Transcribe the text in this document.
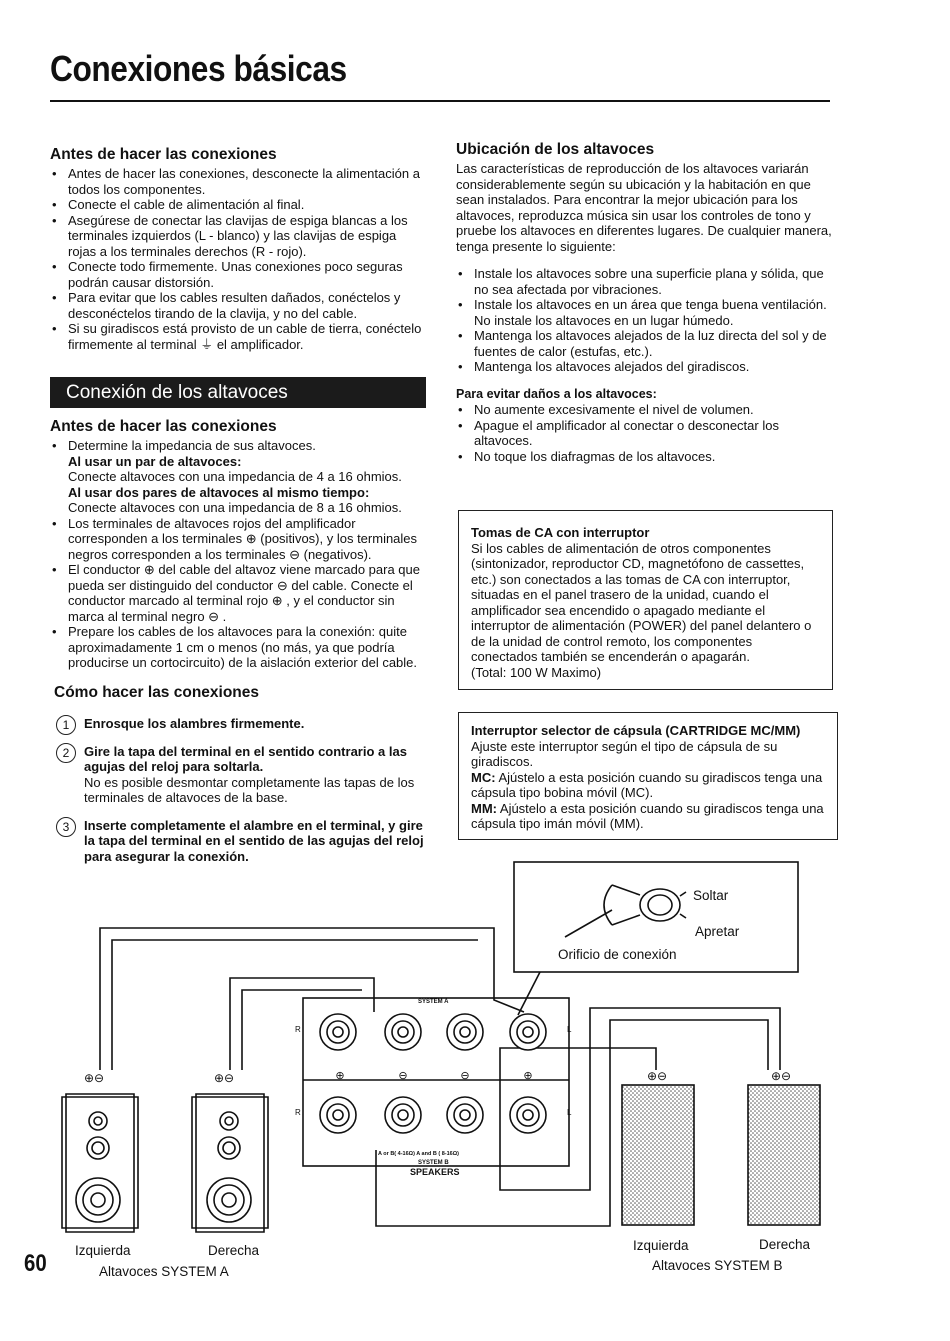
Conexiones básicas
Antes de hacer las conexiones
• Antes de hacer las conexiones, desconecte la alimentación a todos los componentes.
• Conecte el cable de alimentación al final.
• Asegúrese de conectar las clavijas de espiga blancas a los terminales izquierdos (L - blanco) y las clavijas de espiga rojas a los terminales derechos (R - rojo).
• Conecte todo firmemente. Unas conexiones poco seguras podrán causar distorsión.
• Para evitar que los cables resulten dañados, conéctelos y desconéctelos tirando de la clavija, y no del cable.
• Si su giradiscos está provisto de un cable de tierra, conéctelo firmemente al terminal ⏚ el amplificador.
Conexión de los altavoces
Antes de hacer las conexiones
• Determine la impedancia de sus altavoces.
Al usar un par de altavoces:
Conecte altavoces con una impedancia de 4 a 16 ohmios.
Al usar dos pares de altavoces al mismo tiempo:
Conecte altavoces con una impedancia de 8 a 16 ohmios.
• Los terminales de altavoces rojos del amplificador corresponden a los terminales ⊕ (positivos), y los terminales negros corresponden a los terminales ⊖ (negativos).
• El conductor ⊕ del cable del altavoz viene marcado para que pueda ser distinguido del conductor ⊖ del cable. Conecte el conductor marcado al terminal rojo ⊕ , y el conductor sin marca al terminal negro ⊖ .
• Prepare los cables de los altavoces para la conexión: quite aproximadamente 1 cm o menos (no más, ya que podría producirse un cortocircuito) de la aislación exterior del cable.
Cómo hacer las conexiones
1	Enrosque los alambres firmemente.
2	Gire la tapa del terminal en el sentido contrario a las agujas del reloj para soltarla.
No es posible desmontar completamente las tapas de los terminales de altavoces de la base.
3	Inserte completamente el alambre en el terminal, y gire la tapa del terminal en el sentido de las agujas del reloj para asegurar la conexión.
Ubicación de los altavoces
Las características de reproducción de los altavoces variarán considerablemente según su ubicación y la habitación en que sean instalados. Para encontrar la mejor ubicación para los altavoces, reproduzca música sin usar los controles de tono y pruebe los altavoces en diferentes lugares. De cualquier manera, tenga presente lo siguiente:
• Instale los altavoces sobre una superficie plana y sólida, que no sea afectada por vibraciones.
• Instale los altavoces en un área que tenga buena ventilación.
No instale los altavoces en un lugar húmedo.
• Mantenga los altavoces alejados de la luz directa del sol y de fuentes de calor (estufas, etc.).
• Mantenga los altavoces alejados del giradiscos.
Para evitar daños a los altavoces:
• No aumente excesivamente el nivel de volumen.
• Apague el amplificador al conectar o desconectar los altavoces.
• No toque los diafragmas de los altavoces.
Tomas de CA con interruptor
Si los cables de alimentación de otros componentes (sintonizador, reproductor CD, magnetófono de cassettes, etc.) son conectados a las tomas de CA con interruptor, situadas en el panel trasero de la unidad, cuando el amplificador sea encendido o apagado mediante el interruptor de alimentación (POWER) del panel delantero o de la unidad de control remoto, los componentes conectados también se encenderán o apagarán.
(Total: 100 W Maximo)
Interruptor selector de cápsula (CARTRIDGE MC/MM)
Ajuste este interruptor según el tipo de cápsula de su giradiscos.
MC: Ajústelo a esta posición cuando su giradiscos tenga una cápsula tipo bobina móvil (MC).
MM: Ajústelo a esta posición cuando su giradiscos tenga una cápsula tipo imán móvil (MM).
⊕	⊖	⊖	⊕
⊕⊖	⊕⊖	⊕⊖	⊕⊖
Soltar
Apretar
Orificio de conexión
SYSTEM A
R	L
R	L
A or B( 4-16Ω) A and B ( 8-16Ω)
SYSTEM B
SPEAKERS
Izquierda	Derecha
Altavoces SYSTEM A
Izquierda	Derecha
Altavoces SYSTEM B
60
